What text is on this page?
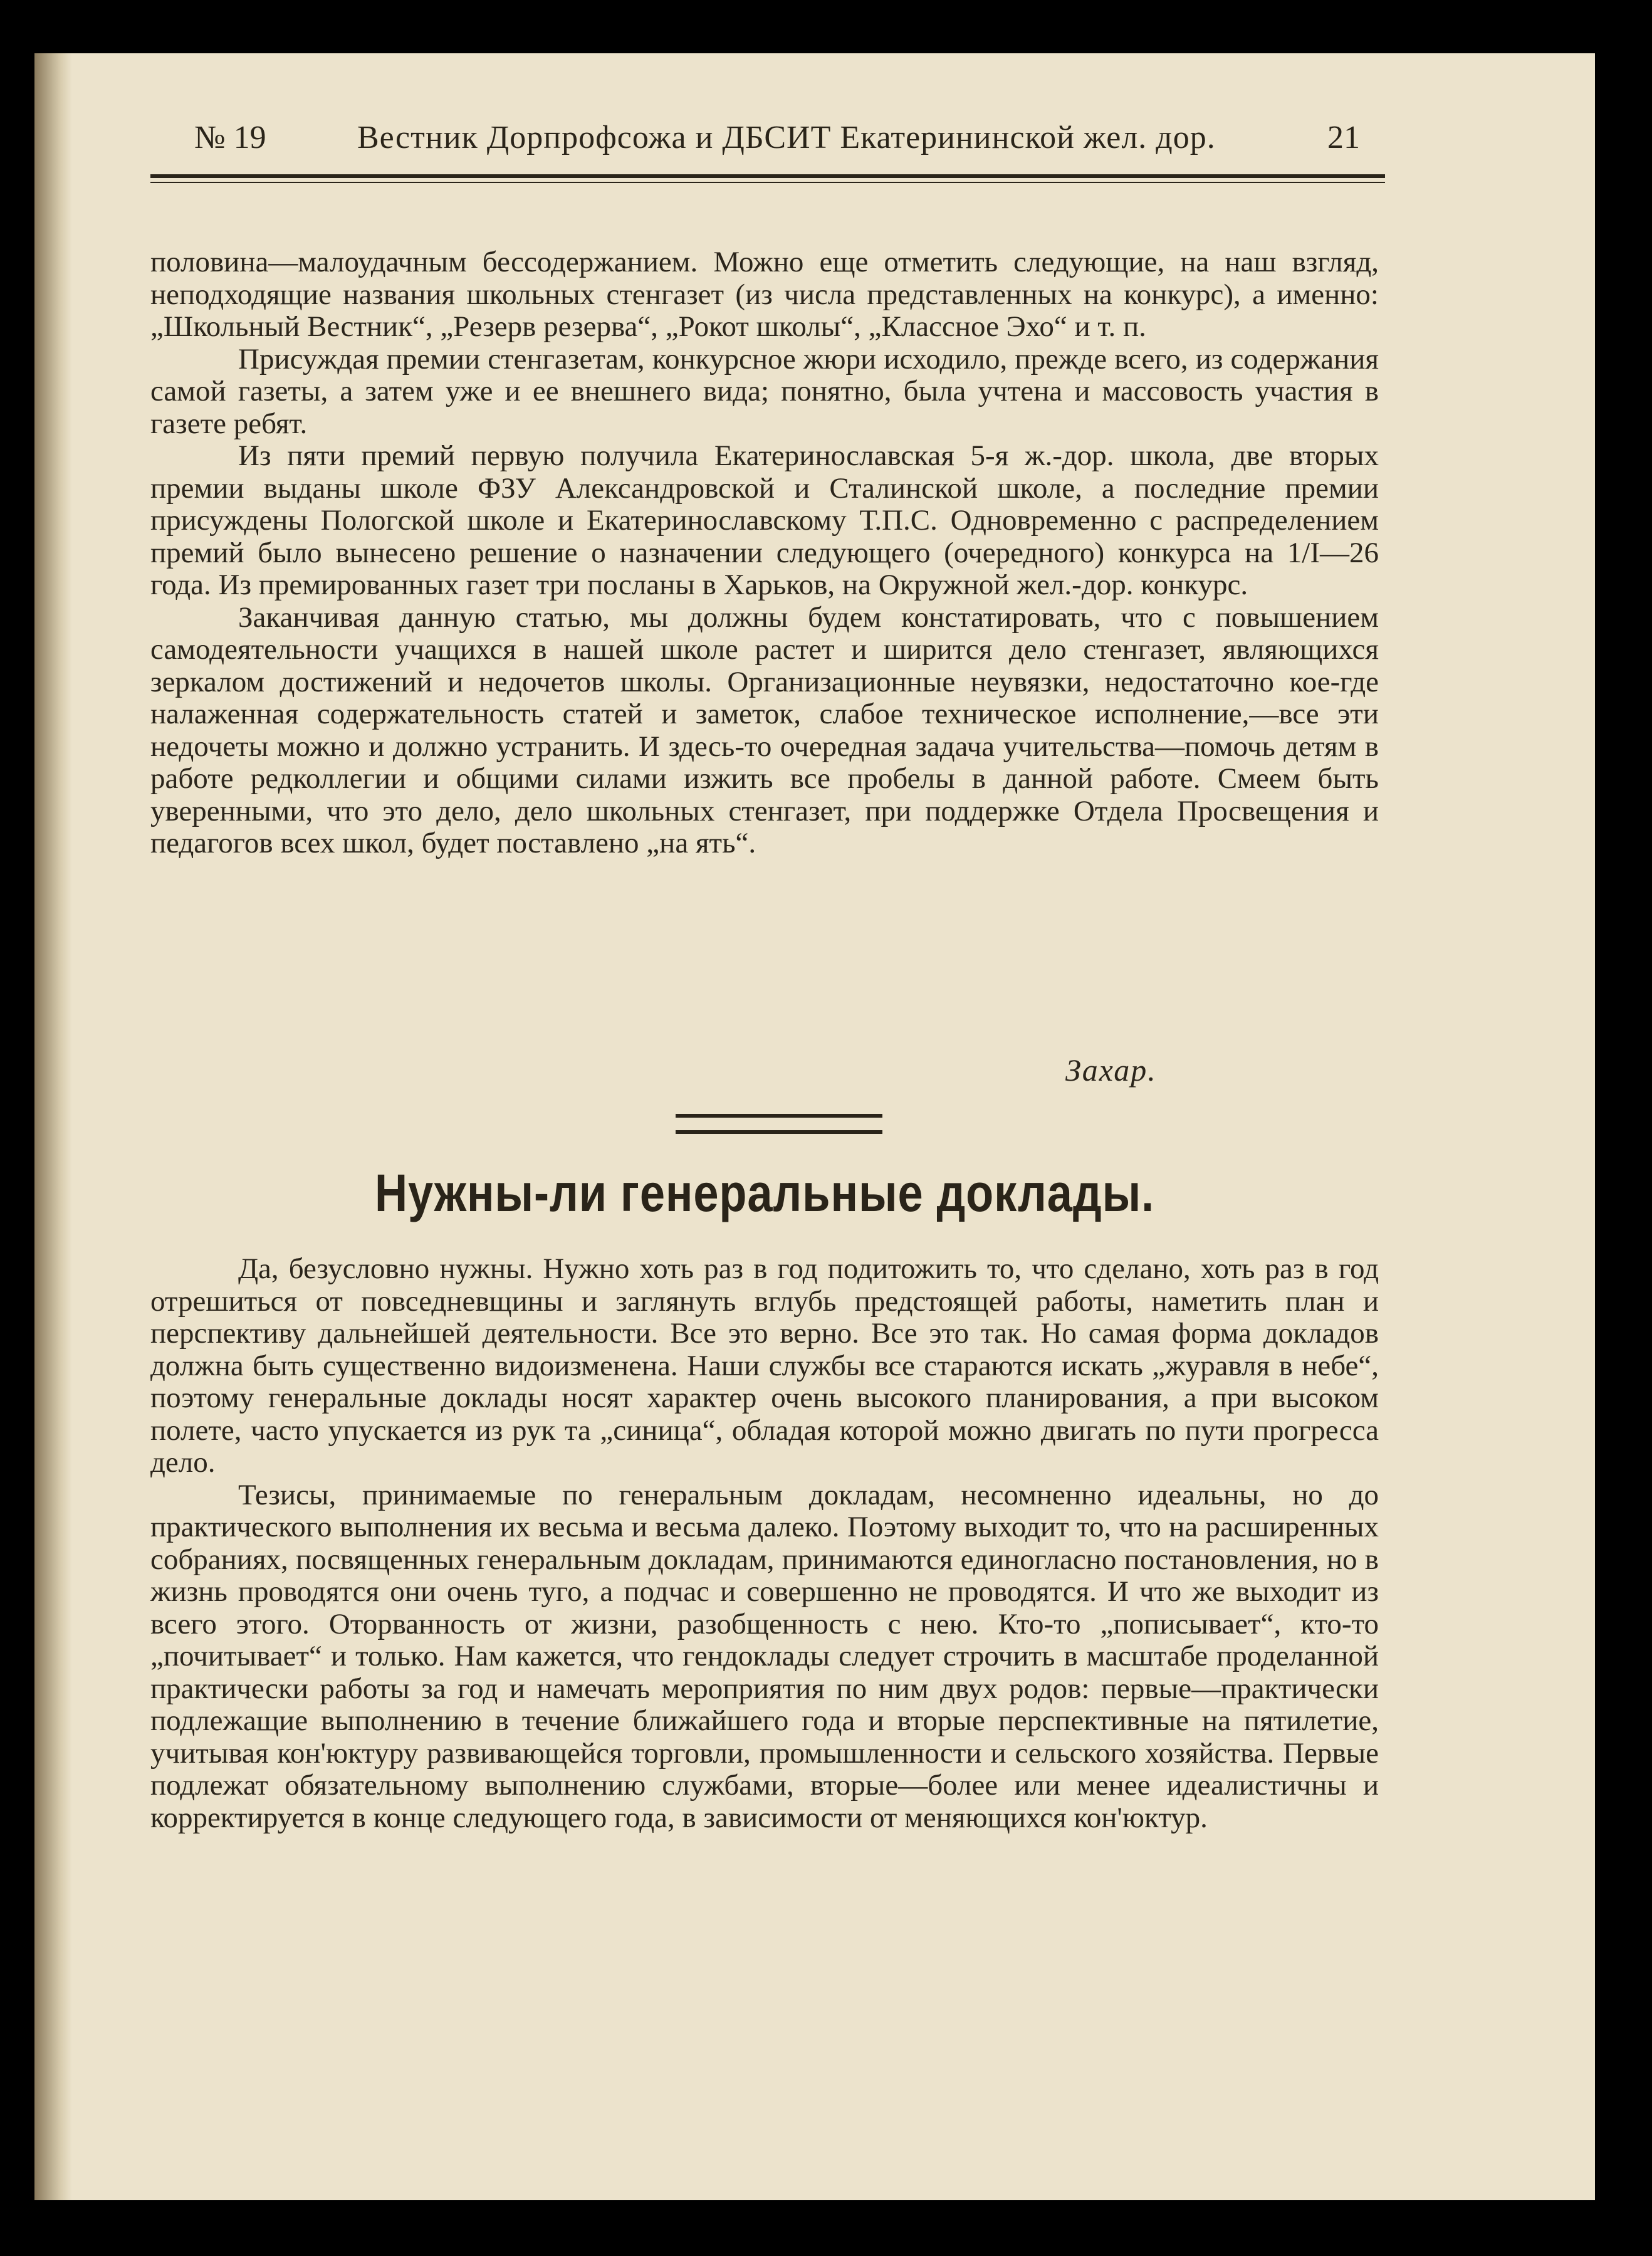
№ 19	Вестник Дорпрофсожа и ДБСИТ Екатерининской жел. дор.	21

половина—малоудачным бессодержанием. Можно еще отметить следующие, на наш взгляд, неподходящие названия школьных стенгазет (из числа представленных на конкурс), а именно: „Школьный Вестник“, „Резерв резерва“, „Рокот школы“, „Классное Эхо“ и т. п.

Присуждая премии стенгазетам, конкурсное жюри исходило, прежде всего, из содержания самой газеты, а затем уже и ее внешнего вида; понятно, была учтена и массовость участия в газете ребят.

Из пяти премий первую получила Екатеринославская 5-я ж.-дор. школа, две вторых премии выданы школе ФЗУ Александровской и Сталинской школе, а последние премии присуждены Пологской школе и Екатеринославскому Т.П.С. Одновременно с распределением премий было вынесено решение о назначении следующего (очередного) конкурса на 1/I—26 года. Из премированных газет три посланы в Харьков, на Окружной жел.-дор. конкурс.

Заканчивая данную статью, мы должны будем констатировать, что с повышением самодеятельности учащихся в нашей школе растет и ширится дело стенгазет, являющихся зеркалом достижений и недочетов школы. Организационные неувязки, недостаточно кое-где налаженная содержательность статей и заметок, слабое техническое исполнение,—все эти недочеты можно и должно устранить. И здесь-то очередная задача учительства—помочь детям в работе редколлегии и общими силами изжить все пробелы в данной работе. Смеем быть уверенными, что это дело, дело школьных стенгазет, при поддержке Отдела Просвещения и педагогов всех школ, будет поставлено „на ять“.

Захар.
Нужны-ли генеральные доклады.

Да, безусловно нужны. Нужно хоть раз в год подитожить то, что сделано, хоть раз в год отрешиться от повседневщины и заглянуть вглубь предстоящей работы, наметить план и перспективу дальнейшей деятельности. Все это верно. Все это так. Но самая форма докладов должна быть существенно видоизменена. Наши службы все стараются искать „журавля в небе“, поэтому генеральные доклады носят характер очень высокого планирования, а при высоком полете, часто упускается из рук та „синица“, обладая которой можно двигать по пути прогресса дело.

Тезисы, принимаемые по генеральным докладам, несомненно идеальны, но до практического выполнения их весьма и весьма далеко. Поэтому выходит то, что на расширенных собраниях, посвященных генеральным докладам, принимаются единогласно постановления, но в жизнь проводятся они очень туго, а подчас и совершенно не проводятся. И что же выходит из всего этого. Оторванность от жизни, разобщенность с нею. Кто-то „пописывает“, кто-то „почитывает“ и только. Нам кажется, что гендоклады следует строчить в масштабе проделанной практически работы за год и намечать мероприятия по ним двух родов: первые—практически подлежащие выполнению в течение ближайшего года и вторые перспективные на пятилетие, учитывая кон'юктуру развивающейся торговли, промышленности и сельского хозяйства. Первые подлежат обязательному выполнению службами, вторые—более или менее идеалистичны и корректируется в конце следующего года, в зависимости от меняющихся кон'юктур.
